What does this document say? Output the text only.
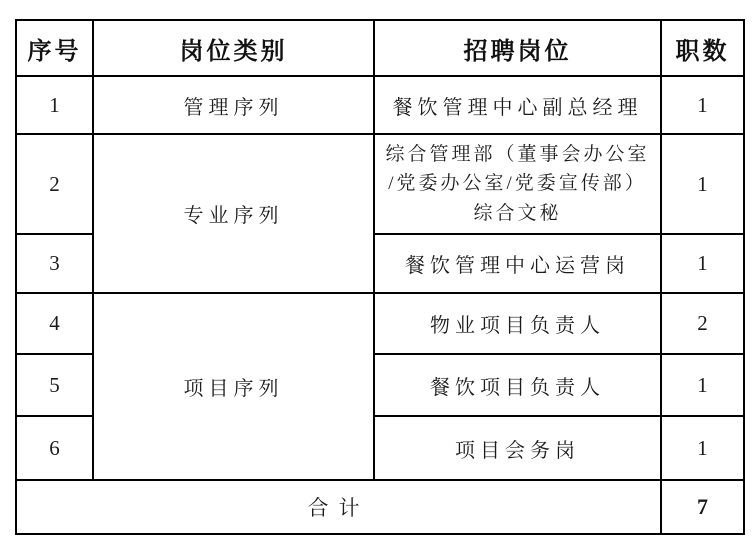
序号	岗位类别	招聘岗位	职数
1	管理序列	餐饮管理中心副总经理	1
2	专业序列	综合管理部（董事会办公室
/党委办公室/党委宣传部）
综合文秘	1
3		餐饮管理中心运营岗	1
4	项目序列	物业项目负责人	2
5		餐饮项目负责人	1
6		项目会务岗	1
合计			7
